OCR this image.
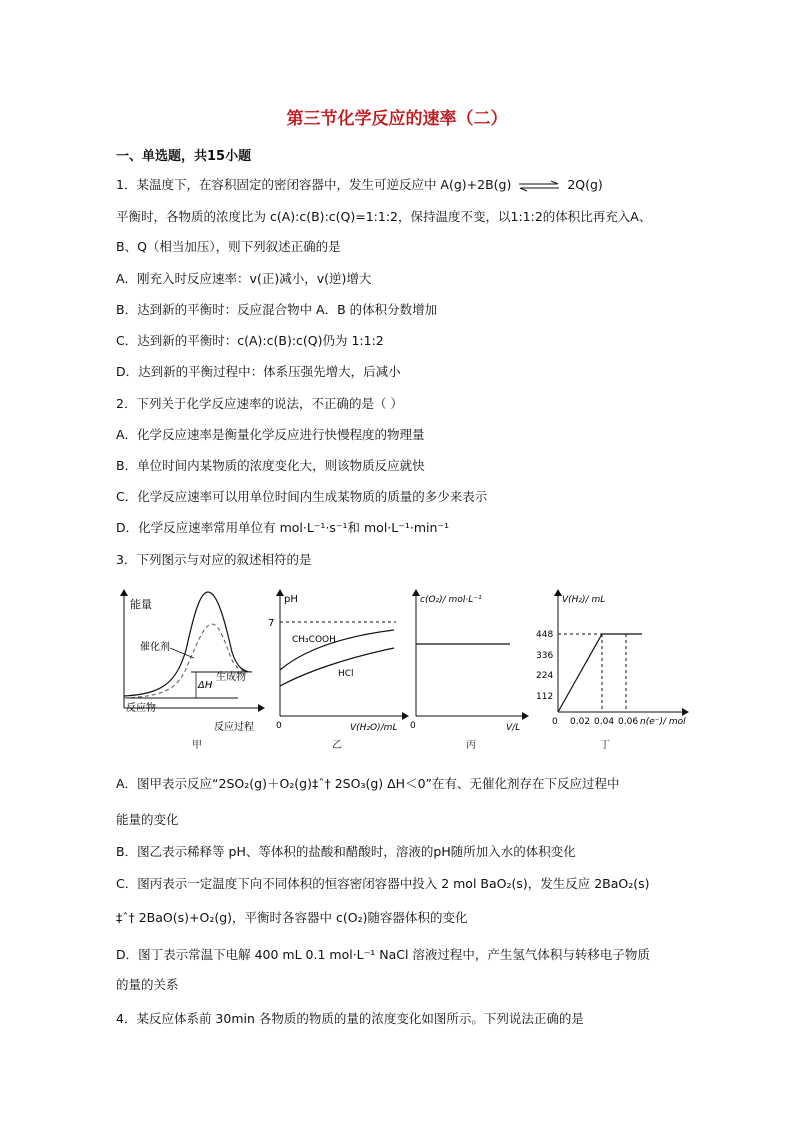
第三节化学反应的速率（二）
一、单选题，共15小题
1．某温度下，在容积固定的密闭容器中，发生可逆反应中 A(g)+2B(g) ⇌ 2Q(g)
平衡时，各物质的浓度比为 c(A):c(B):c(Q)=1:1:2，保持温度不变，以1:1:2的体积比再充入A、
B、Q（相当加压），则下列叙述正确的是
A．刚充入时反应速率：v(正)减小，v(逆)增大
B．达到新的平衡时：反应混合物中 A．B 的体积分数增加
C．达到新的平衡时：c(A):c(B):c(Q)仍为 1:1:2
D．达到新的平衡过程中：体系压强先增大，后减小
2．下列关于化学反应速率的说法，不正确的是（ ）
A．化学反应速率是衡量化学反应进行快慢程度的物理量
B．单位时间内某物质的浓度变化大，则该物质反应就快
C．化学反应速率可以用单位时间内生成某物质的质量的多少来表示
D．化学反应速率常用单位有 mol·L⁻¹·s⁻¹和 mol·L⁻¹·min⁻¹
3．下列图示与对应的叙述相符的是
能量
催化剂
ΔH
生成物
反应物
反应过程
甲
pH
7
CH₃COOH
HCl
0	V(H₂O)/mL
乙
c(O₂)/ mol·L⁻¹
0	V/L
丙
V(H₂)/ mL
448
336
224
112
0 0.02 0.04 0.06 n(e⁻)/ mol
丁
A．图甲表示反应“2SO₂(g)＋O₂(g)‡ˆ† 2SO₃(g) ΔH＜0”在有、无催化剂存在下反应过程中
能量的变化
B．图乙表示稀释等 pH、等体积的盐酸和醋酸时，溶液的pH随所加入水的体积变化
C．图丙表示一定温度下向不同体积的恒容密闭容器中投入 2 mol BaO₂(s)，发生反应 2BaO₂(s)
‡ˆ† 2BaO(s)+O₂(g)，平衡时各容器中 c(O₂)随容器体积的变化
D．图丁表示常温下电解 400 mL 0.1 mol·L⁻¹ NaCl 溶液过程中，产生氢气体积与转移电子物质
的量的关系
4．某反应体系前 30min 各物质的物质的量的浓度变化如图所示。下列说法正确的是
